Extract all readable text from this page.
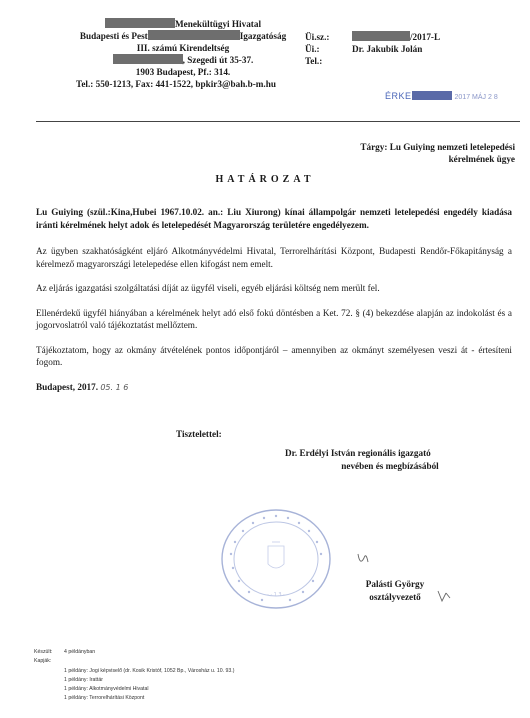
Menekültügyi Hivatal
Budapesti és Pest	Igazgatóság
III. számú Kirendeltség
, Szegedi út 35-37.
1903 Budapest, Pf.: 314.
Tel.: 550-1213, Fax: 441-1522, bpkir3@bah.b-m.hu
Üi.sz.:	/2017-L
Üi.:	Dr. Jakubik Jolán
Tel.:
ÉRKE	2017 MÁJ 2 8
Tárgy: Lu Guiying nemzeti letelepedési
kérelmének ügye
HATÁROZAT

Lu Guiying (szül.:Kina,Hubei 1967.10.02. an.: Liu Xiurong) kínai állampolgár nemzeti letelepedési engedély kiadása iránti kérelmének helyt adok és letelepedését Magyarország területére engedélyezem.

Az ügyben szakhatóságként eljáró Alkotmányvédelmi Hivatal, Terrorelhárítási Központ, Budapesti Rendőr-Főkapitányság a kérelmező magyarországi letelepedése ellen kifogást nem emelt.

Az eljárás igazgatási szolgáltatási díját az ügyfél viseli, egyéb eljárási költség nem merült fel.

Ellenérdekű ügyfél hiányában a kérelmének helyt adó első fokú döntésben a Ket. 72. § (4) bekezdése alapján az indokolást és a jogorvoslatról való tájékoztatást mellőztem.

Tájékoztatom, hogy az okmány átvételének pontos időpontjáról – amennyiben az okmányt személyesen veszi át - értesíteni fogom.

Budapest, 2017. 05. 1 6

Tisztelettel:
Dr. Erdélyi István regionális igazgató
nevében és megbízásából
· · 1 3 ·
Palásti György
osztályvezető
Készült:	4 példányban
Kapják:
1 példány: Jogi képviselő (dr. Kosik Kristóf, 1052 Bp., Városház u. 10. 93.)
1 példány: Irattár
1 példány: Alkotmányvédelmi Hivatal
1 példány: Terrorelhárítási Központ
